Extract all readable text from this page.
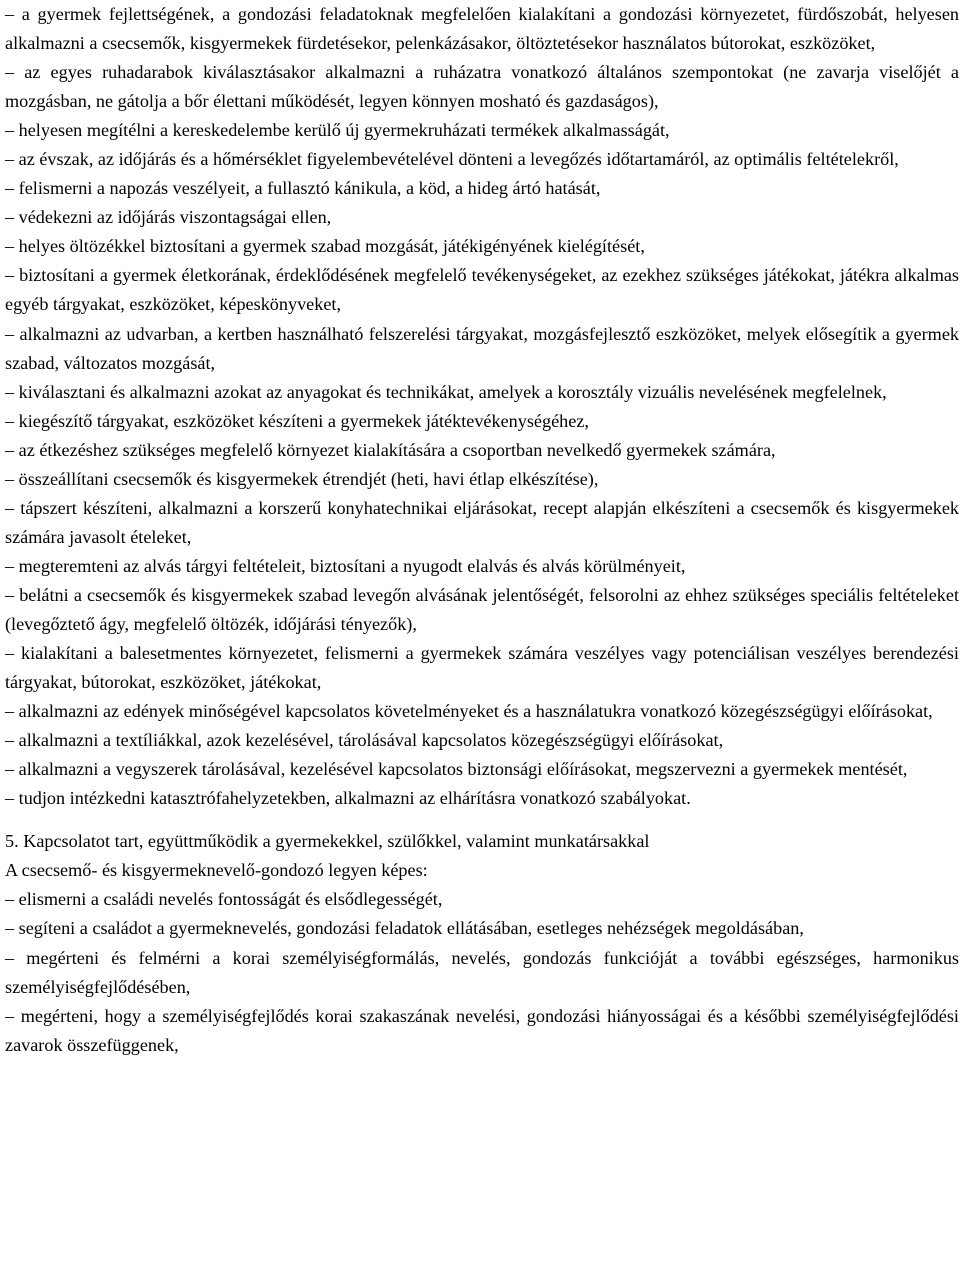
– a gyermek fejlettségének, a gondozási feladatoknak megfelelően kialakítani a gondozási környezetet, fürdőszobát, helyesen alkalmazni a csecsemők, kisgyermekek fürdetésekor, pelenkázásakor, öltöztetésekor használatos bútorokat, eszközöket,

– az egyes ruhadarabok kiválasztásakor alkalmazni a ruházatra vonatkozó általános szempontokat (ne zavarja viselőjét a mozgásban, ne gátolja a bőr élettani működését, legyen könnyen mosható és gazdaságos),

– helyesen megítélni a kereskedelembe kerülő új gyermekruházati termékek alkalmasságát,

– az évszak, az időjárás és a hőmérséklet figyelembevételével dönteni a levegőzés időtartamáról, az optimális feltételekről,

– felismerni a napozás veszélyeit, a fullasztó kánikula, a köd, a hideg ártó hatását,

– védekezni az időjárás viszontagságai ellen,

– helyes öltözékkel biztosítani a gyermek szabad mozgását, játékigényének kielégítését,

– biztosítani a gyermek életkorának, érdeklődésének megfelelő tevékenységeket, az ezekhez szükséges játékokat, játékra alkalmas egyéb tárgyakat, eszközöket, képeskönyveket,

– alkalmazni az udvarban, a kertben használható felszerelési tárgyakat, mozgásfejlesztő eszközöket, melyek elősegítik a gyermek szabad, változatos mozgását,

– kiválasztani és alkalmazni azokat az anyagokat és technikákat, amelyek a korosztály vizuális nevelésének megfelelnek,

– kiegészítő tárgyakat, eszközöket készíteni a gyermekek játéktevékenységéhez,

– az étkezéshez szükséges megfelelő környezet kialakítására a csoportban nevelkedő gyermekek számára,

– összeállítani csecsemők és kisgyermekek étrendjét (heti, havi étlap elkészítése),

– tápszert készíteni, alkalmazni a korszerű konyhatechnikai eljárásokat, recept alapján elkészíteni a csecsemők és kisgyermekek számára javasolt ételeket,

– megteremteni az alvás tárgyi feltételeit, biztosítani a nyugodt elalvás és alvás körülményeit,

– belátni a csecsemők és kisgyermekek szabad levegőn alvásának jelentőségét, felsorolni az ehhez szükséges speciális feltételeket (levegőztető ágy, megfelelő öltözék, időjárási tényezők),

– kialakítani a balesetmentes környezetet, felismerni a gyermekek számára veszélyes vagy potenciálisan veszélyes berendezési tárgyakat, bútorokat, eszközöket, játékokat,

– alkalmazni az edények minőségével kapcsolatos követelményeket és a használatukra vonatkozó közegészségügyi előírásokat,

– alkalmazni a textíliákkal, azok kezelésével, tárolásával kapcsolatos közegészségügyi előírásokat,

– alkalmazni a vegyszerek tárolásával, kezelésével kapcsolatos biztonsági előírásokat, megszervezni a gyermekek mentését,

– tudjon intézkedni katasztrófahelyzetekben, alkalmazni az elhárításra vonatkozó szabályokat.

5. Kapcsolatot tart, együttműködik a gyermekekkel, szülőkkel, valamint munkatársakkal

A csecsemő- és kisgyermeknevelő-gondozó legyen képes:

– elismerni a családi nevelés fontosságát és elsődlegességét,

– segíteni a családot a gyermeknevelés, gondozási feladatok ellátásában, esetleges nehézségek megoldásában,

– megérteni és felmérni a korai személyiségformálás, nevelés, gondozás funkcióját a további egészséges, harmonikus személyiségfejlődésében,

– megérteni, hogy a személyiségfejlődés korai szakaszának nevelési, gondozási hiányosságai és a későbbi személyiségfejlődési zavarok összefüggenek,
